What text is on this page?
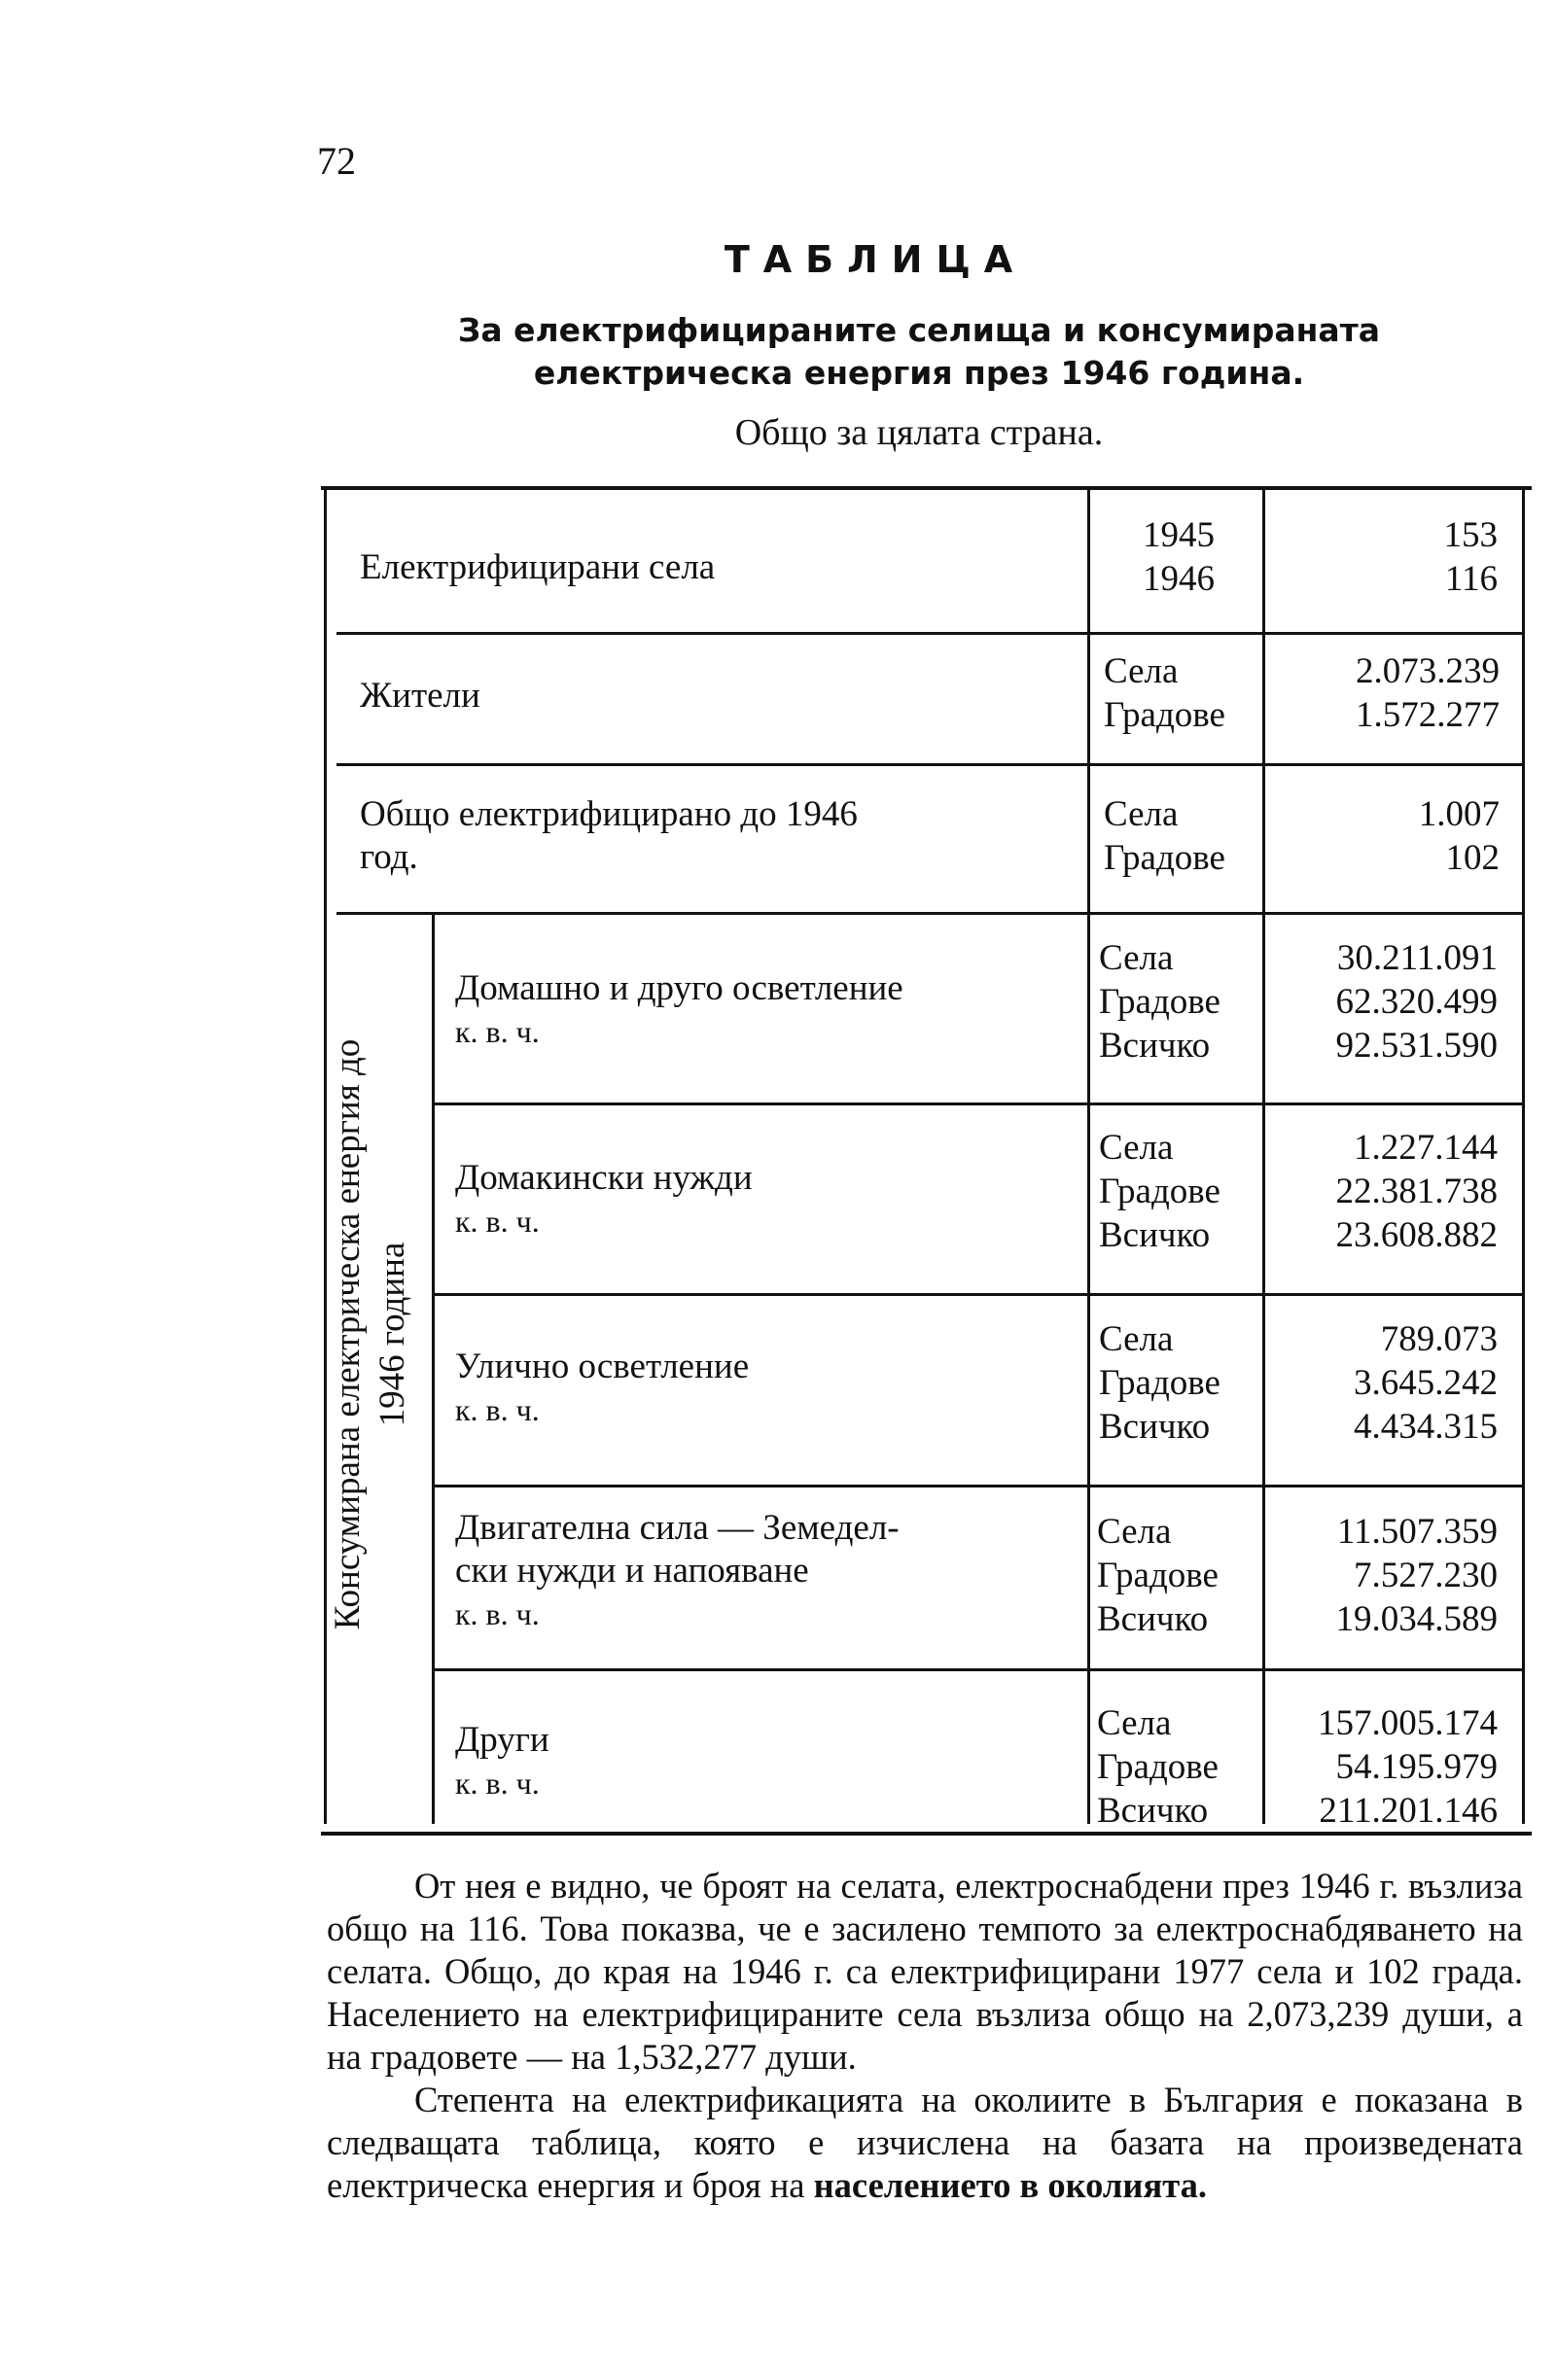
72
ТАБЛИЦА
За електрифицираните селища и консумираната електрическа енергия през 1946 година.
Общо за цялата страна.
Електрифицирани села
1945
1946
153
116
Жители
Села
Градове
2.073.239
1.572.277
Общо електрифицирано до 1946 год.
Села
Градове
1.007
102
Консумирана електрическа енергия до 1946 година
Домашно и друго осветление
к. в. ч.
Села
Градове
Всичко
30.211.091
62.320.499
92.531.590
Домакински нужди
к. в. ч.
Села
Градове
Всичко
1.227.144
22.381.738
23.608.882
Улично осветление
к. в. ч.
Села
Градове
Всичко
789.073
3.645.242
4.434.315
Двигателна сила — Земедел-
ски нужди и напояване
к. в. ч.
Села
Градове
Всичко
11.507.359
7.527.230
19.034.589
Други
к. в. ч.
Села
Градове
Всичко
157.005.174
54.195.979
211.201.146

От нея е видно, че броят на селата, електроснабдени през 1946 г. възлиза общо на 116. Това показва, че е засилено темпото за електроснабдяването на селата. Общо, до края на 1946 г. са електрифицирани 1977 села и 102 града. Населението на електрифицираните села възлиза общо на 2,073,239 души, а на градовете — на 1,532,277 души.

Степента на електрификацията на околиите в България е показана в следващата таблица, която е изчислена на базата на произведената електрическа енергия и броя на населението в околията.
